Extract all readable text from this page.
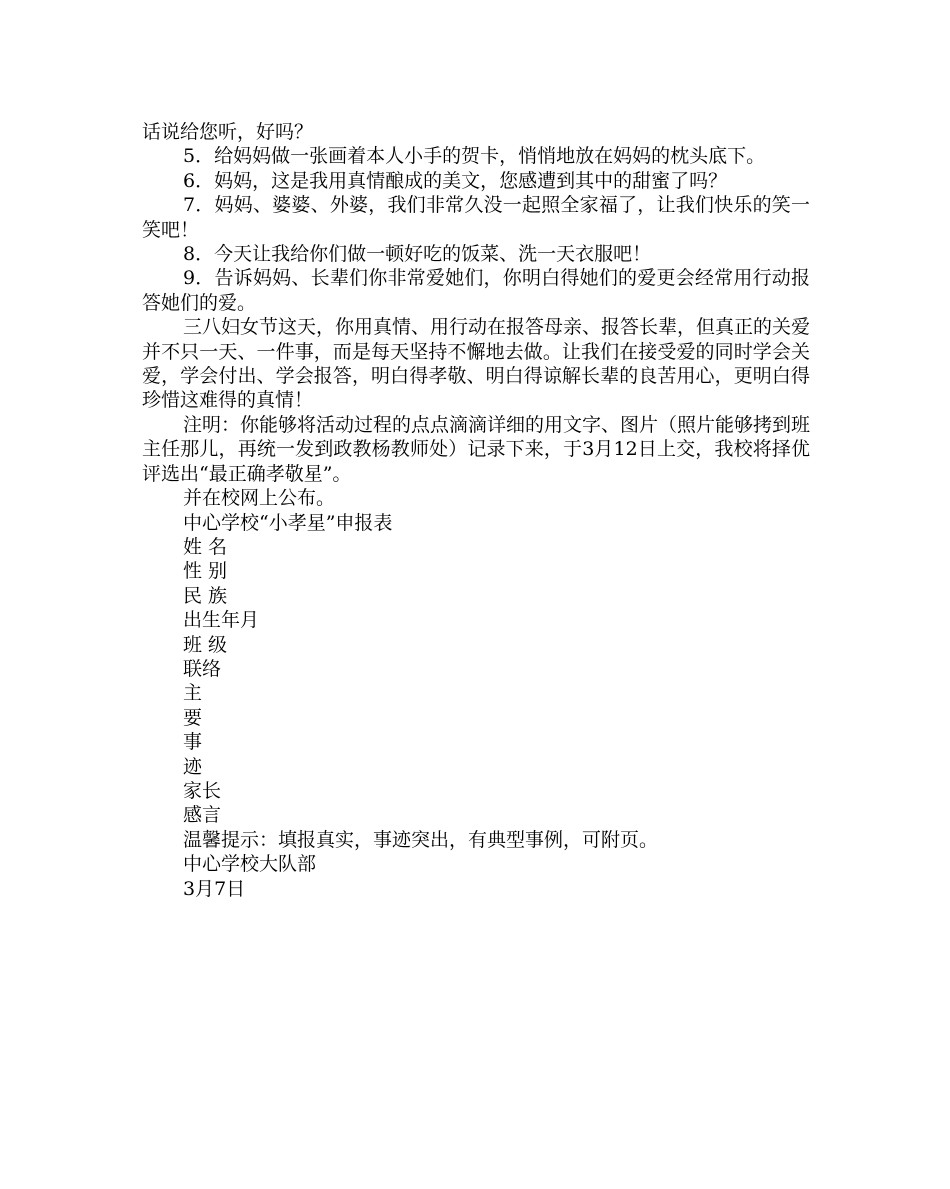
话说给您听，好吗？

5．给妈妈做一张画着本人小手的贺卡，悄悄地放在妈妈的枕头底下。

6．妈妈，这是我用真情酿成的美文，您感遭到其中的甜蜜了吗？

7．妈妈、婆婆、外婆，我们非常久没一起照全家福了，让我们快乐的笑一笑吧！

8．今天让我给你们做一顿好吃的饭菜、洗一天衣服吧！

9．告诉妈妈、长辈们你非常爱她们，你明白得她们的爱更会经常用行动报答她们的爱。

三八妇女节这天，你用真情、用行动在报答母亲、报答长辈，但真正的关爱并不只一天、一件事，而是每天坚持不懈地去做。让我们在接受爱的同时学会关爱，学会付出、学会报答，明白得孝敬、明白得谅解长辈的良苦用心，更明白得珍惜这难得的真情！

注明：你能够将活动过程的点点滴滴详细的用文字、图片（照片能够拷到班主任那儿，再统一发到政教杨教师处）记录下来，于3月12日上交，我校将择优评选出“最正确孝敬星”。

并在校网上公布。

中心学校“小孝星”申报表

姓 名

性 别

民 族

出生年月

班 级

联络

主

要

事

迹

家长

感言

温馨提示：填报真实，事迹突出，有典型事例，可附页。

中心学校大队部

3月7日
